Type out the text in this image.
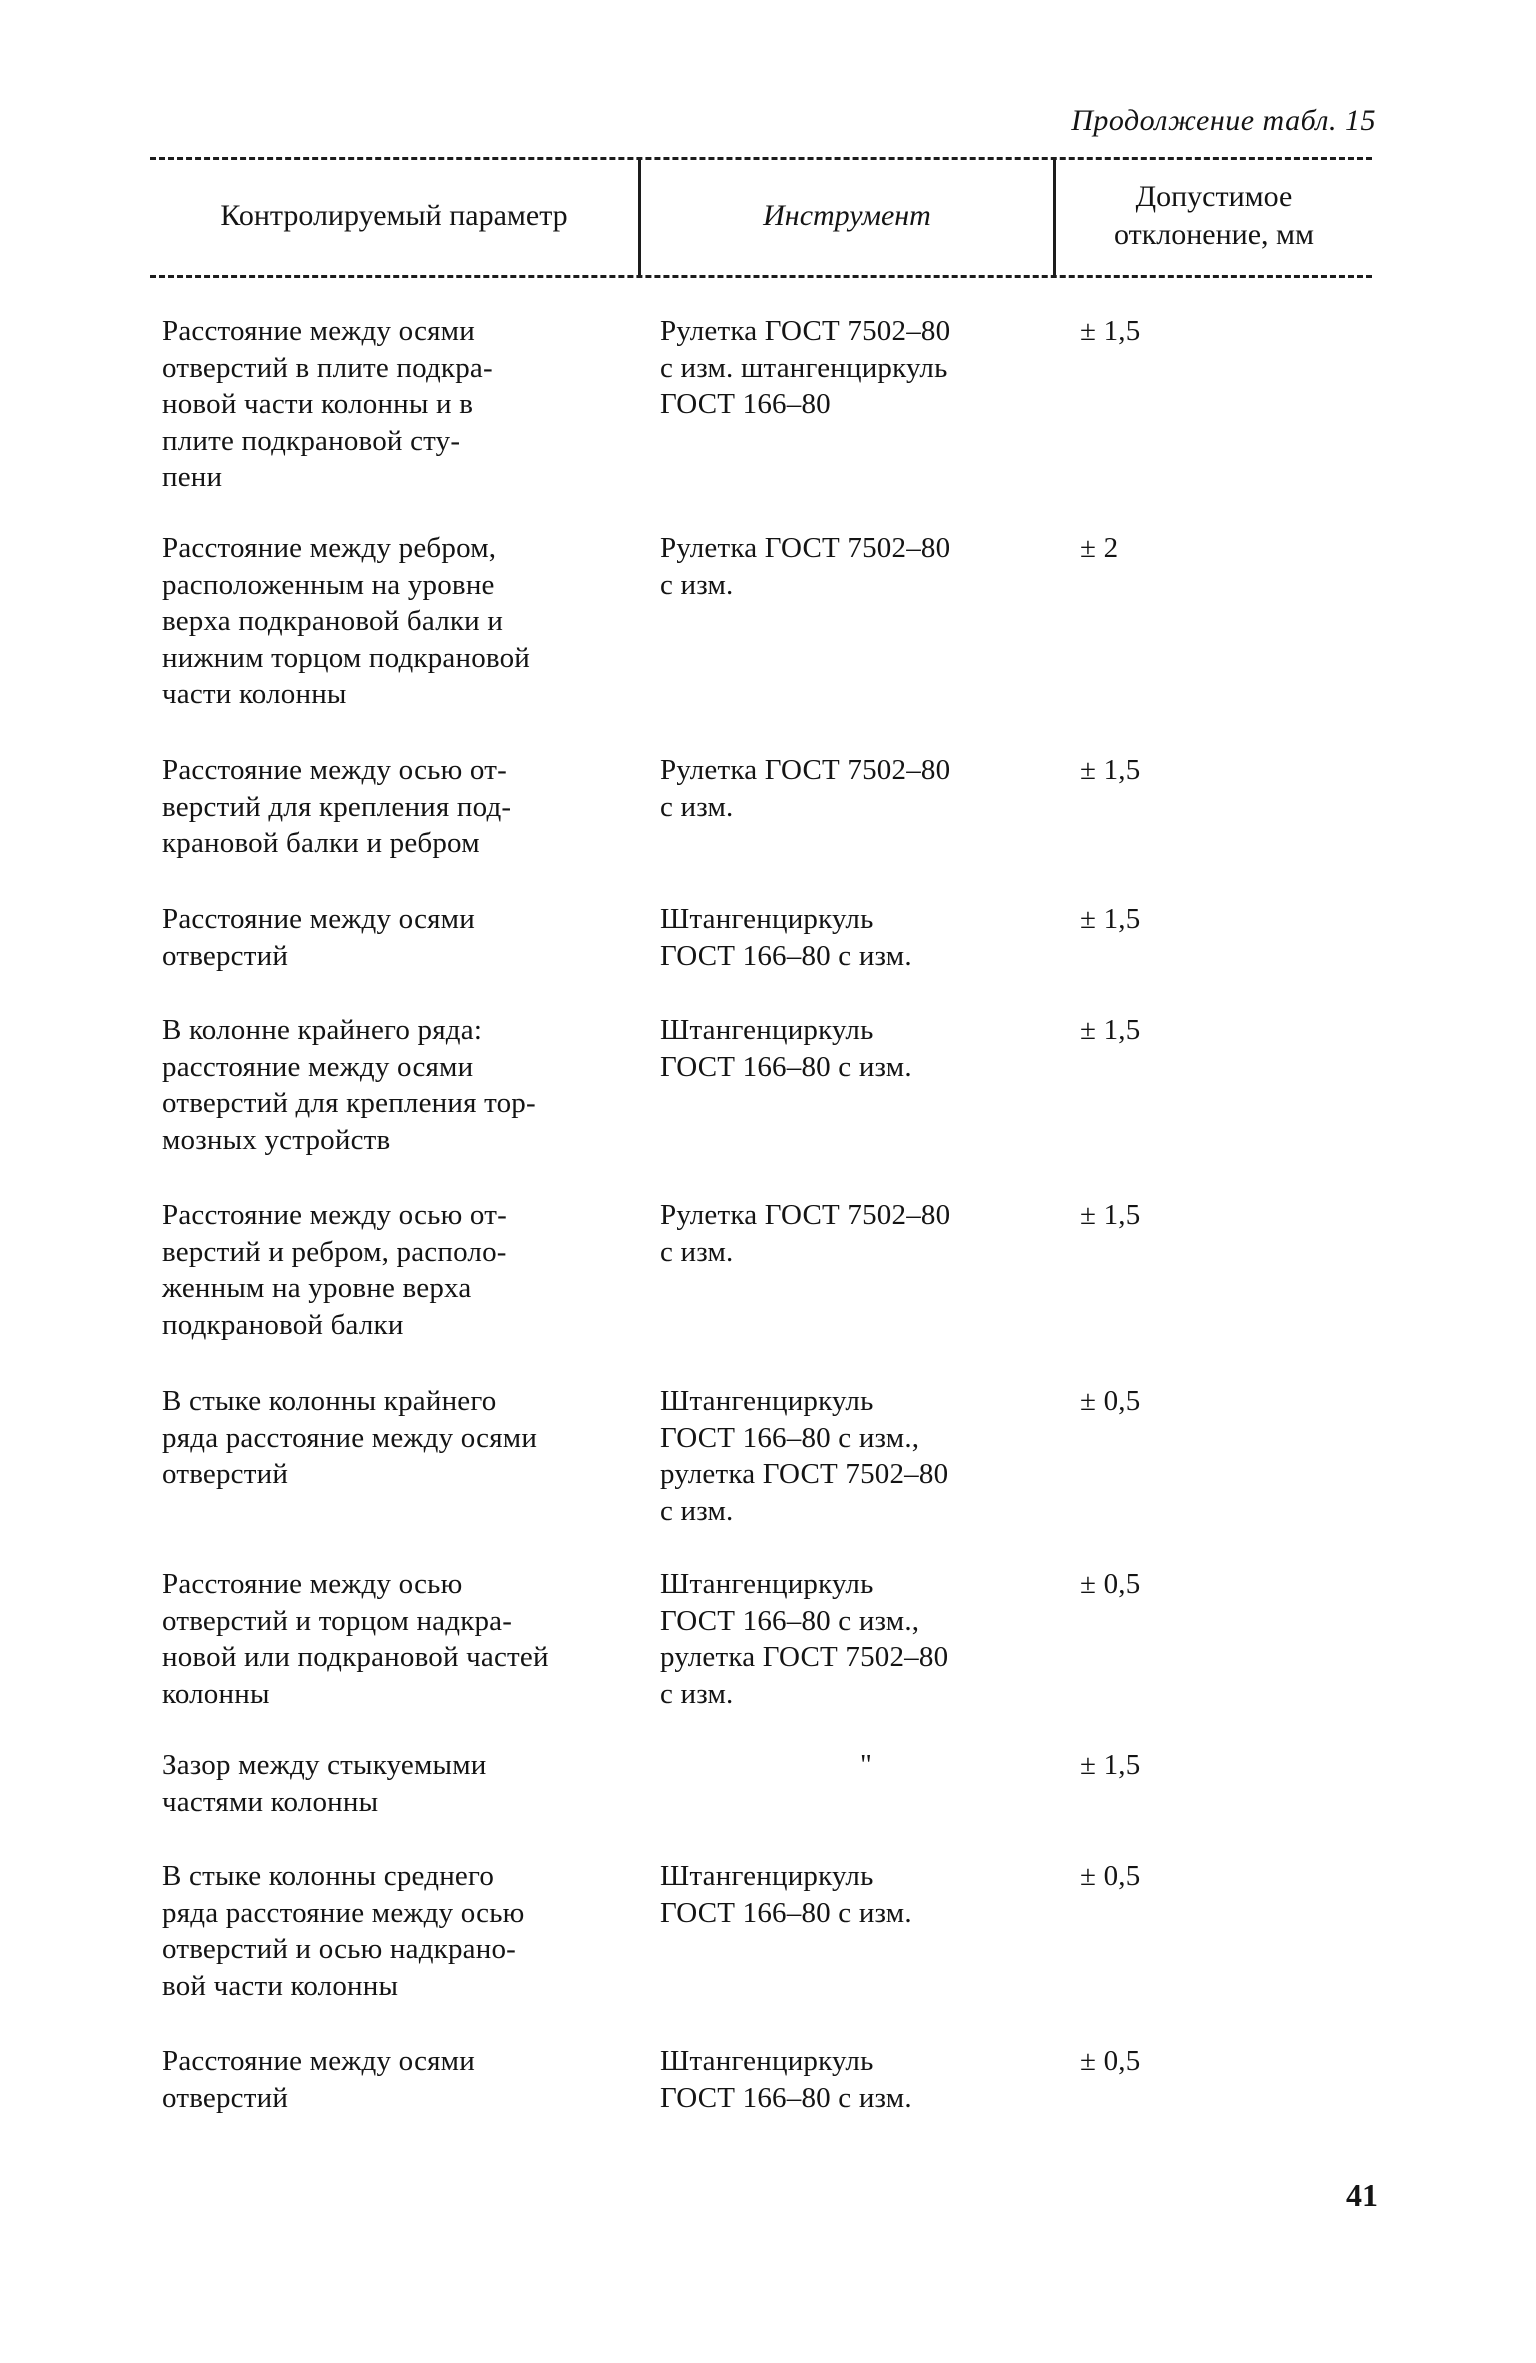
Продолжение табл. 15
Контролируемый параметр	Инструмент
Допустимое
отклонение, мм
Расстояние между осями
отверстий в плите подкра-
новой части колонны и в
плите подкрановой сту-
пени
Рулетка ГОСТ 7502–80
с изм. штангенциркуль
ГОСТ 166–80
± 1,5
Расстояние между ребром,
расположенным на уровне
верха подкрановой балки и
нижним торцом подкрановой
части колонны
Рулетка ГОСТ 7502–80
с изм.
± 2
Расстояние между осью от-
верстий для крепления под-
крановой балки и ребром
Рулетка ГОСТ 7502–80
с изм.
± 1,5
Расстояние между осями
отверстий
Штангенциркуль
ГОСТ 166–80 с изм.
± 1,5
В колонне крайнего ряда:
расстояние между осями
отверстий для крепления тор-
мозных устройств
Штангенциркуль
ГОСТ 166–80 с изм.
± 1,5
Расстояние между осью от-
верстий и ребром, располо-
женным на уровне верха
подкрановой балки
Рулетка ГОСТ 7502–80
с изм.
± 1,5
В стыке колонны крайнего
ряда расстояние между осями
отверстий
Штангенциркуль
ГОСТ 166–80 с изм.,
рулетка ГОСТ 7502–80
с изм.
± 0,5
Расстояние между осью
отверстий и торцом надкра-
новой или подкрановой частей
колонны
Штангенциркуль
ГОСТ 166–80 с изм.,
рулетка ГОСТ 7502–80
с изм.
± 0,5
Зазор между стыкуемыми
частями колонны
"	± 1,5
В стыке колонны среднего
ряда расстояние между осью
отверстий и осью надкрано-
вой части колонны
Штангенциркуль
ГОСТ 166–80 с изм.
± 0,5
Расстояние между осями
отверстий
Штангенциркуль
ГОСТ 166–80 с изм.
± 0,5
41
